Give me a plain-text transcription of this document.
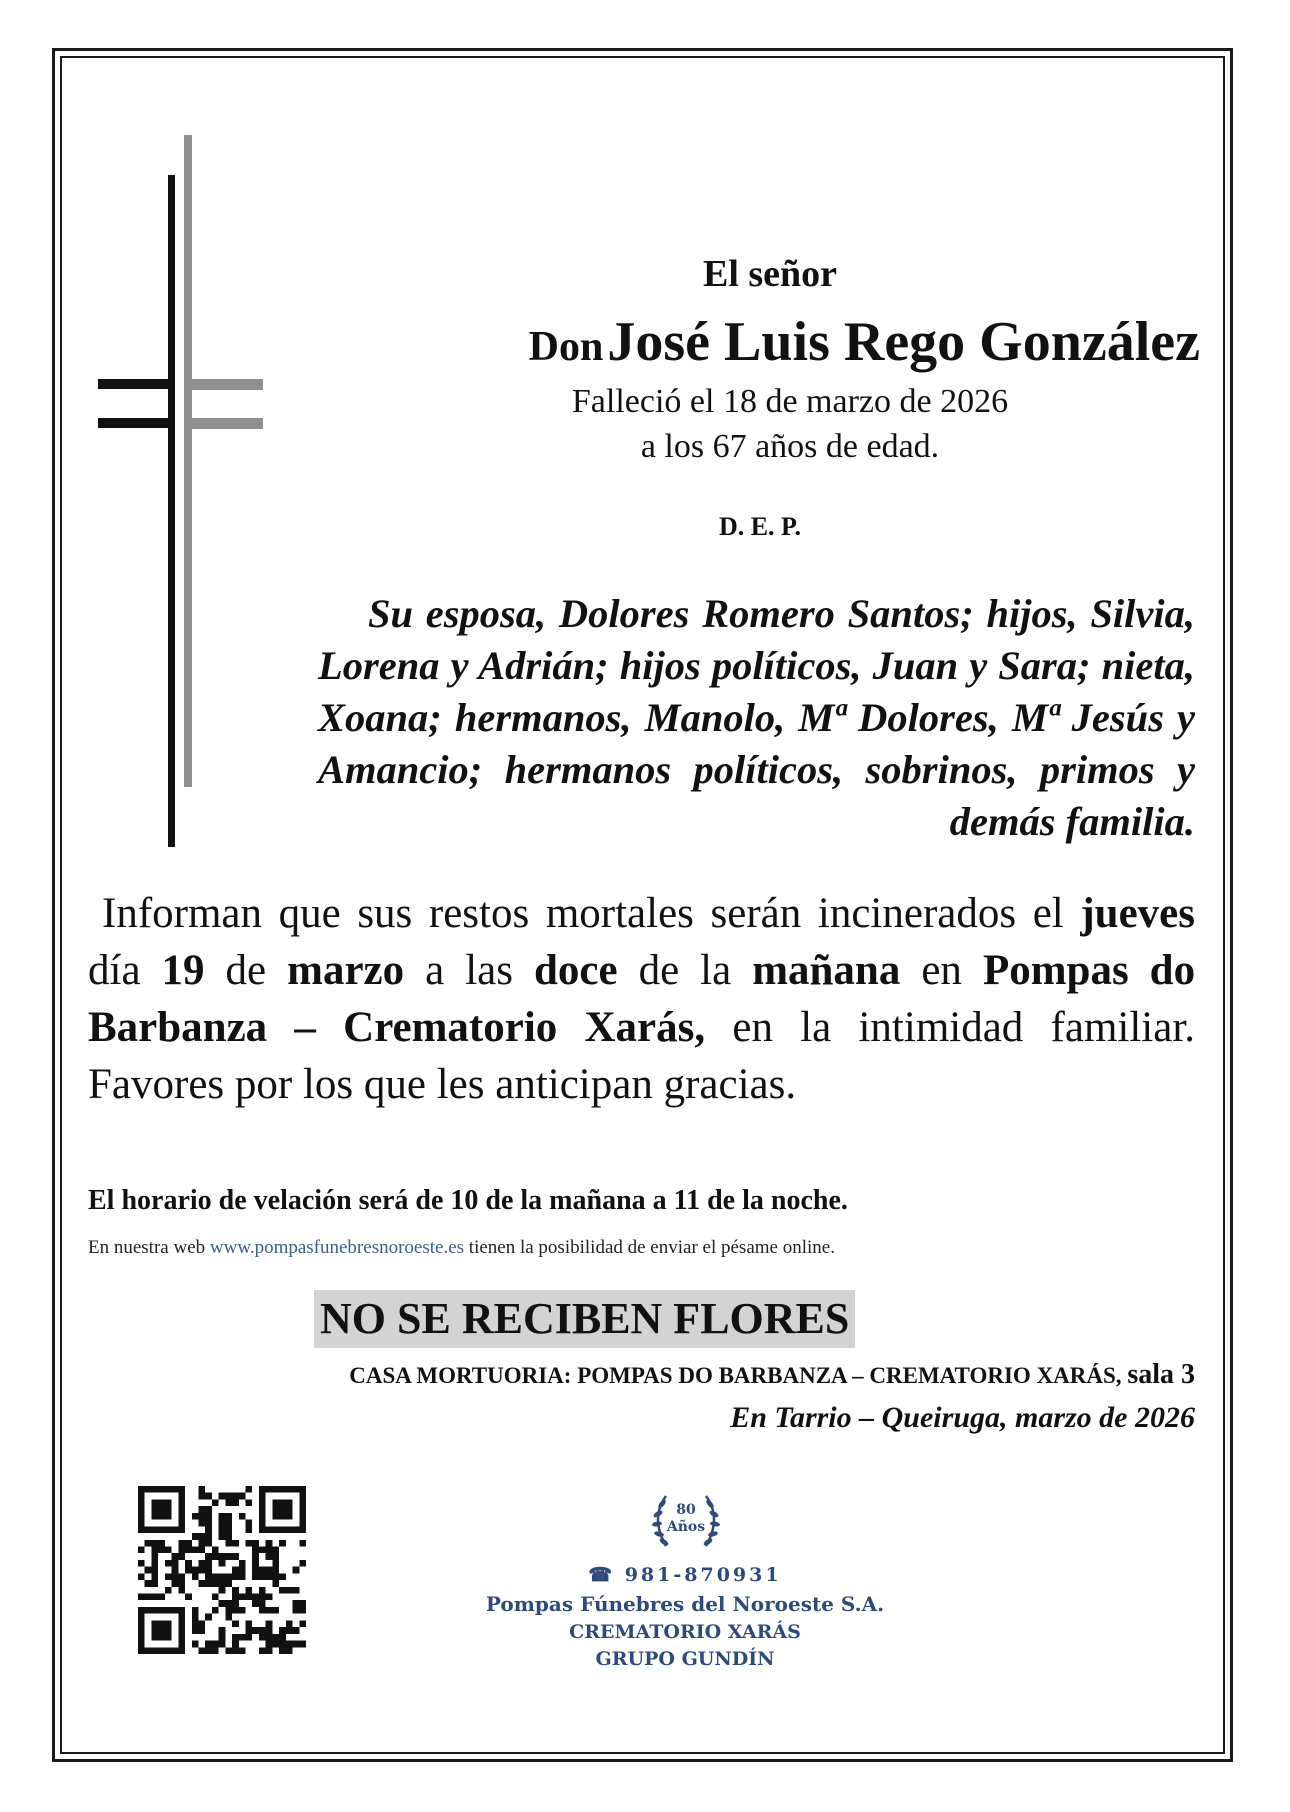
El señor
Don José Luis Rego González
Falleció el 18 de marzo de 2026
a los 67 años de edad.
D. E. P.
Su esposa, Dolores Romero Santos; hijos, Silvia, Lorena y Adrián; hijos políticos, Juan y Sara; nieta, Xoana; hermanos, Manolo, Mª Dolores, Mª Jesús y Amancio; hermanos políticos, sobrinos, primos y demás familia.
Informan que sus restos mortales serán incinerados el jueves día 19 de marzo a las doce de la mañana en Pompas do Barbanza – Crematorio Xarás, en la intimidad familiar. Favores por los que les anticipan gracias.
El horario de velación será de 10 de la mañana a 11 de la noche.
En nuestra web www.pompasfunebresnoroeste.es tienen la posibilidad de enviar el pésame online.
NO SE RECIBEN FLORES
CASA MORTUORIA: POMPAS DO BARBANZA – CREMATORIO XARÁS, sala 3
En Tarrio – Queiruga, marzo de 2026
80
Años
☎ 981-870931
Pompas Fúnebres del Noroeste S.A.
CREMATORIO XARÁS
GRUPO GUNDÍN
